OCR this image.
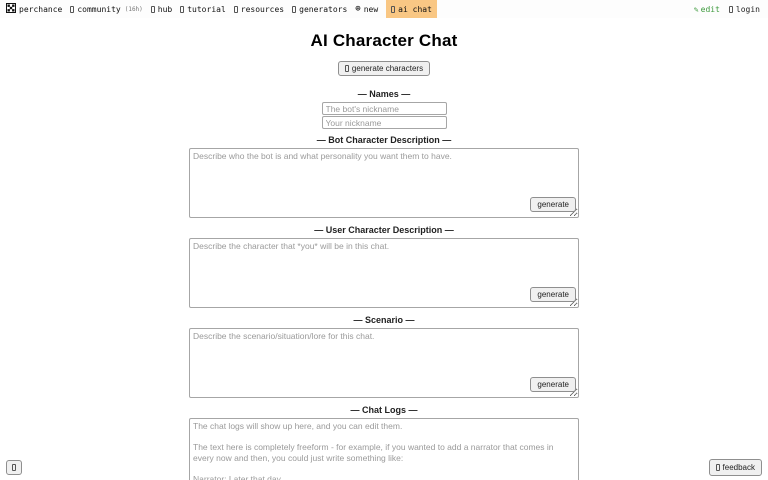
perchance community (16h) hub tutorial resources generators ⊕ new	ai chat	✎ edit login
AI Character Chat
generate characters
— Names —
The bot's nickname
Your nickname
— Bot Character Description —
Describe who the bot is and what personality you want them to have.
generate
— User Character Description —
Describe the character that *you* will be in this chat.
generate
— Scenario —
Describe the scenario/situation/lore for this chat.
generate
— Chat Logs —
The chat logs will show up here, and you can edit them. The text here is completely freeform - for example, if you wanted to add a narrator that comes in every now and then, you could just write something like: Narrator: Later that day... And you can use text-style formatting, and stuff like that...
feedback
